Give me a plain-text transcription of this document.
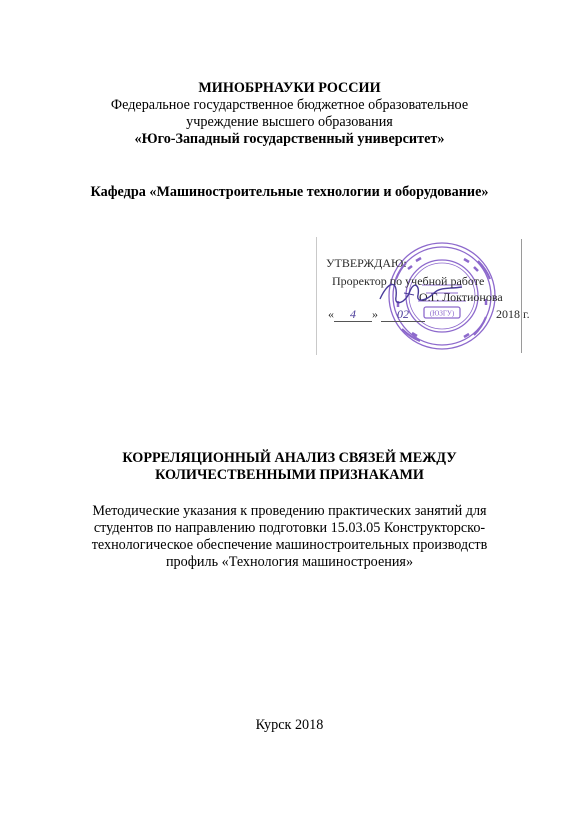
МИНОБРНАУКИ РОССИИ
Федеральное государственное бюджетное образовательное
учреждение высшего образования
«Юго-Западный государственный университет»
Кафедра «Машиностроительные технологии и оборудование»
(ЮЗГУ)
УТВЕРЖДАЮ:
Проректор по учебной работе
О.Г. Локтионова
« 4 » 02	2018 г.
КОРРЕЛЯЦИОННЫЙ АНАЛИЗ СВЯЗЕЙ МЕЖДУ
КОЛИЧЕСТВЕННЫМИ ПРИЗНАКАМИ
Методические указания к проведению практических занятий для
студентов по направлению подготовки 15.03.05 Конструкторско-
технологическое обеспечение машиностроительных производств
профиль «Технология машиностроения»
Курск 2018
